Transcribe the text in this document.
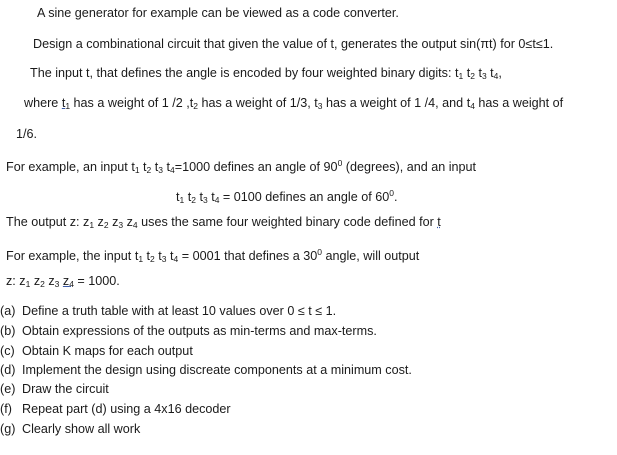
A sine generator for example can be viewed as a code converter.
Design a combinational circuit that given the value of t, generates the output sin(πt) for 0≤t≤1.
The input t, that defines the angle is encoded by four weighted binary digits: $t_1$ $t_2$ $t_3$ $t_4$,
where $t_1$ has a weight of 1 /2 $,t_2$ has a weight of 1/3, $t_3$ has a weight of 1 /4, and $t_4$ has a weight of
1/6.
For example, an input $t_1$ $t_2$ $t_3$ $t_4=1000$ defines an angle of $90^0$ (degrees), and an input
$t_1$ $t_2$ $t_3$ $t_4 = 0100$ defines an angle of $60^0$.
The output z: $z_1$ $z_2$ $z_3$ $z_4$ uses the same four weighted binary code defined for t
For example, the input $t_1$ $t_2$ $t_3$ $t_4 = 0001$ that defines a $30^0$ angle, will output
z: $z_1$ $z_2$ $z_3$ $z_4 = 1000$.
(a) Define a truth table with at least 10 values over 0 ≤ t ≤ 1.
(b) Obtain expressions of the outputs as min-terms and max-terms.
(c) Obtain K maps for each output
(d) Implement the design using discreate components at a minimum cost.
(e) Draw the circuit
(f) Repeat part (d) using a 4x16 decoder
(g) Clearly show all work
